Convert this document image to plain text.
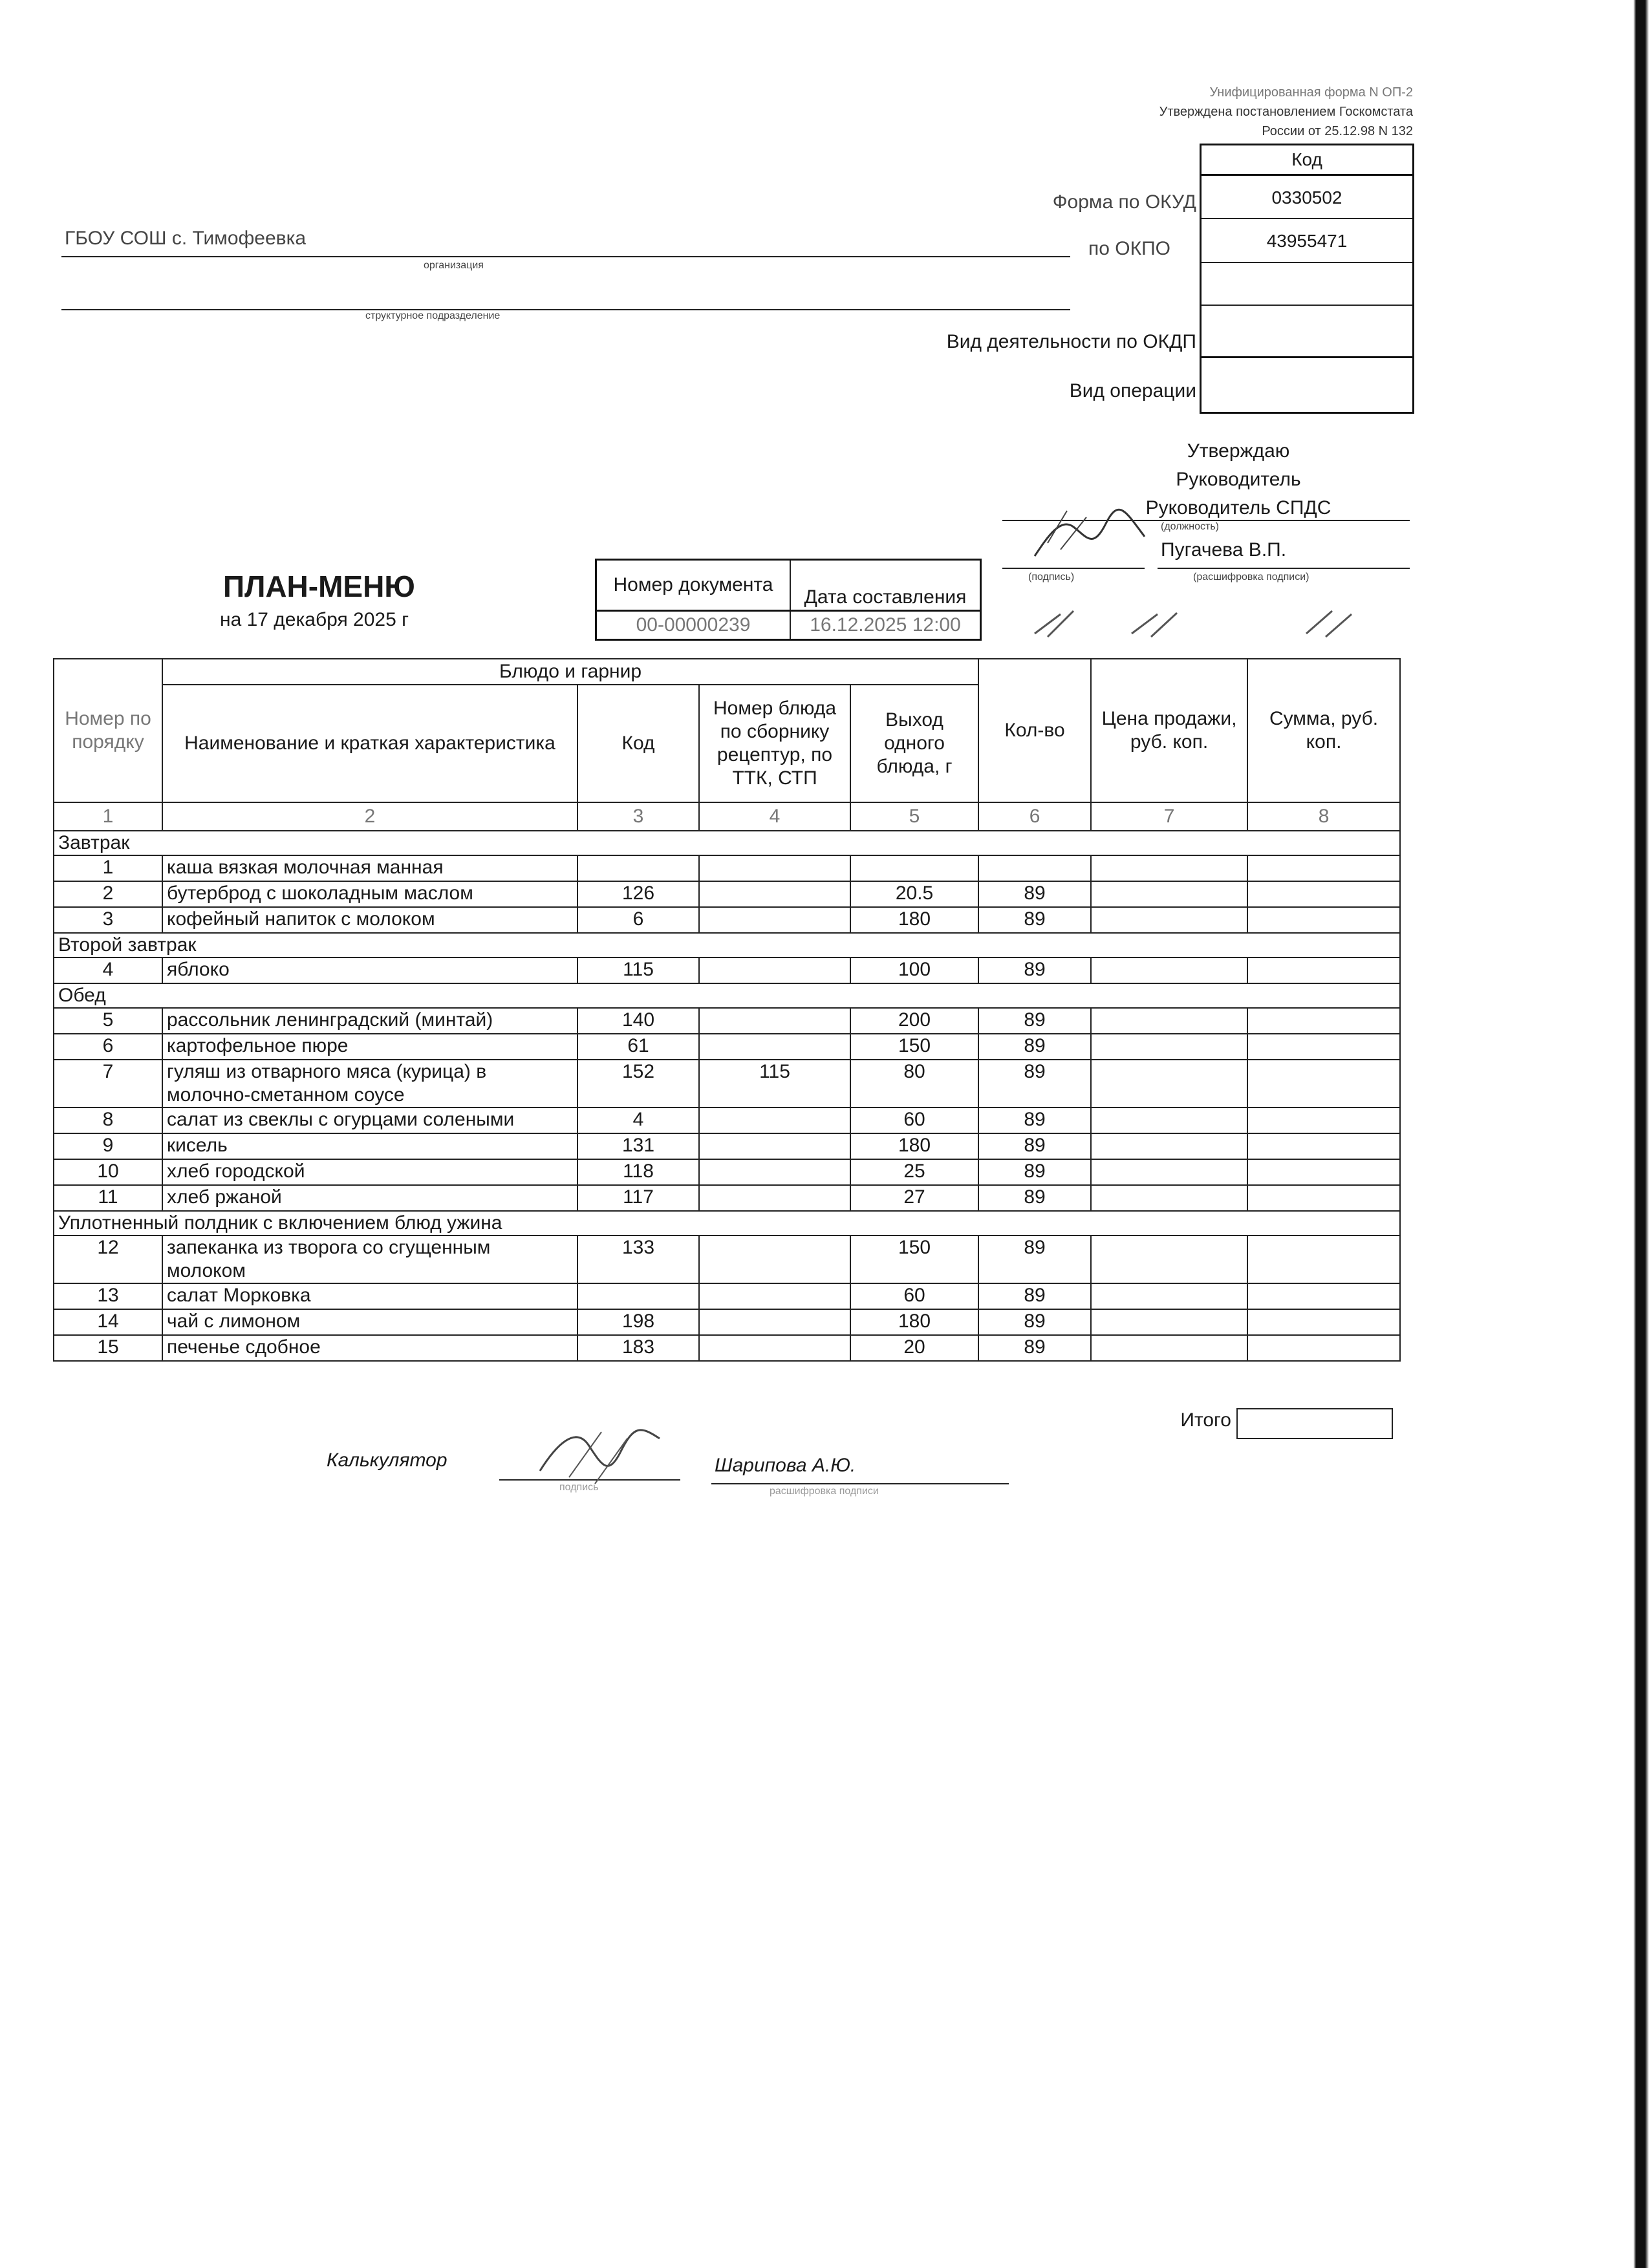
Унифицированная форма N ОП-2
Утверждена постановлением Госкомстата
России от 25.12.98 N 132
Код
0330502
43955471
Форма по ОКУД
по ОКПО
Вид деятельности по ОКДП
Вид операции
ГБОУ СОШ с. Тимофеевка
организация
структурное подразделение
Утверждаю
Руководитель
Руководитель СПДС
(должность)
Пугачева В.П.
(подпись)	(расшифровка подписи)
ПЛАН-МЕНЮ
на 17 декабря 2025 г
Номер документа	Дата составления
00-00000239	16.12.2025 12:00
Номер по порядку	Блюдо и гарнир				Кол-во	Цена продажи, руб. коп.	Сумма, руб. коп.
	Наименование и краткая характеристика	Код	Номер блюда по сборнику рецептур, по ТТК, СТП	Выход одного блюда, г			
1	2	3	4	5	6	7	8
Завтрак							
1	каша вязкая молочная манная						
2	бутерброд с шоколадным маслом	126		20.5	89		
3	кофейный напиток с молоком	6		180	89		
Второй завтрак							
4	яблоко	115		100	89		
Обед							
5	рассольник ленинградский (минтай)	140		200	89		
6	картофельное пюре	61		150	89		
7	гуляш из отварного мяса (курица) в молочно-сметанном соусе	152	115	80	89		
8	салат из свеклы с огурцами солеными	4		60	89		
9	кисель	131		180	89		
10	хлеб городской	118		25	89		
11	хлеб ржаной	117		27	89		
Уплотненный полдник с включением блюд ужина							
12	запеканка из творога со сгущенным молоком	133		150	89		
13	салат Морковка			60	89		
14	чай с лимоном	198		180	89		
15	печенье сдобное	183		20	89		
Итого
Калькулятор
подпись
Шарипова А.Ю.
расшифровка подписи
